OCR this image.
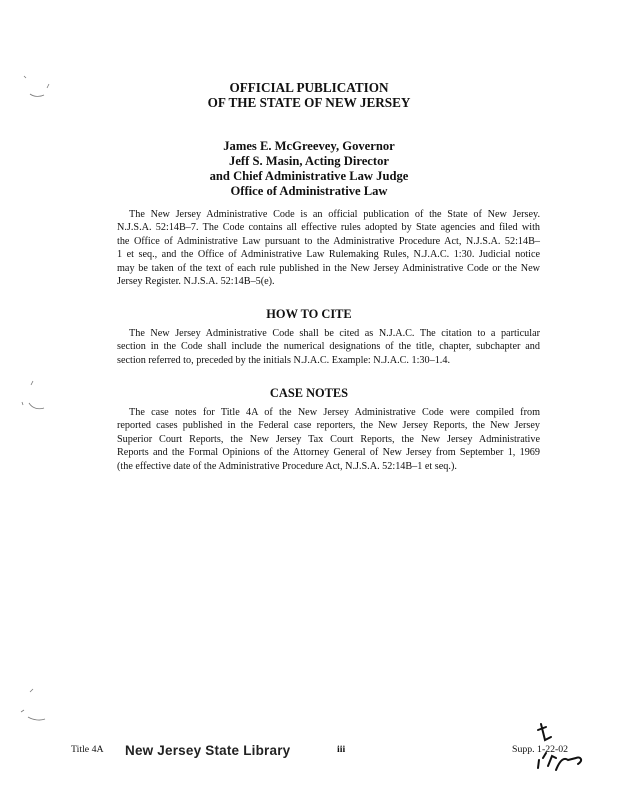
OFFICIAL PUBLICATION
OF THE STATE OF NEW JERSEY
James E. McGreevey, Governor
Jeff S. Masin, Acting Director
and Chief Administrative Law Judge
Office of Administrative Law
The New Jersey Administrative Code is an official publication of the State of New Jersey.
N.J.S.A. 52:14B–7. The Code contains all effective rules adopted by State agencies and filed with
the Office of Administrative Law pursuant to the Administrative Procedure Act, N.J.S.A. 52:14B–
1 et seq., and the Office of Administrative Law Rulemaking Rules, N.J.A.C. 1:30. Judicial notice
may be taken of the text of each rule published in the New Jersey Administrative Code or the New
Jersey Register. N.J.S.A. 52:14B–5(e).
HOW TO CITE
The New Jersey Administrative Code shall be cited as N.J.A.C. The citation to a particular
section in the Code shall include the numerical designations of the title, chapter, subchapter and
section referred to, preceded by the initials N.J.A.C. Example: N.J.A.C. 1:30–1.4.
CASE NOTES
The case notes for Title 4A of the New Jersey Administrative Code were compiled from
reported cases published in the Federal case reporters, the New Jersey Reports, the New Jersey
Superior Court Reports, the New Jersey Tax Court Reports, the New Jersey Administrative
Reports and the Formal Opinions of the Attorney General of New Jersey from September 1, 1969
(the effective date of the Administrative Procedure Act, N.J.S.A. 52:14B–1 et seq.).
Title 4A New Jersey State Library	iii	Supp. 1-22-02
